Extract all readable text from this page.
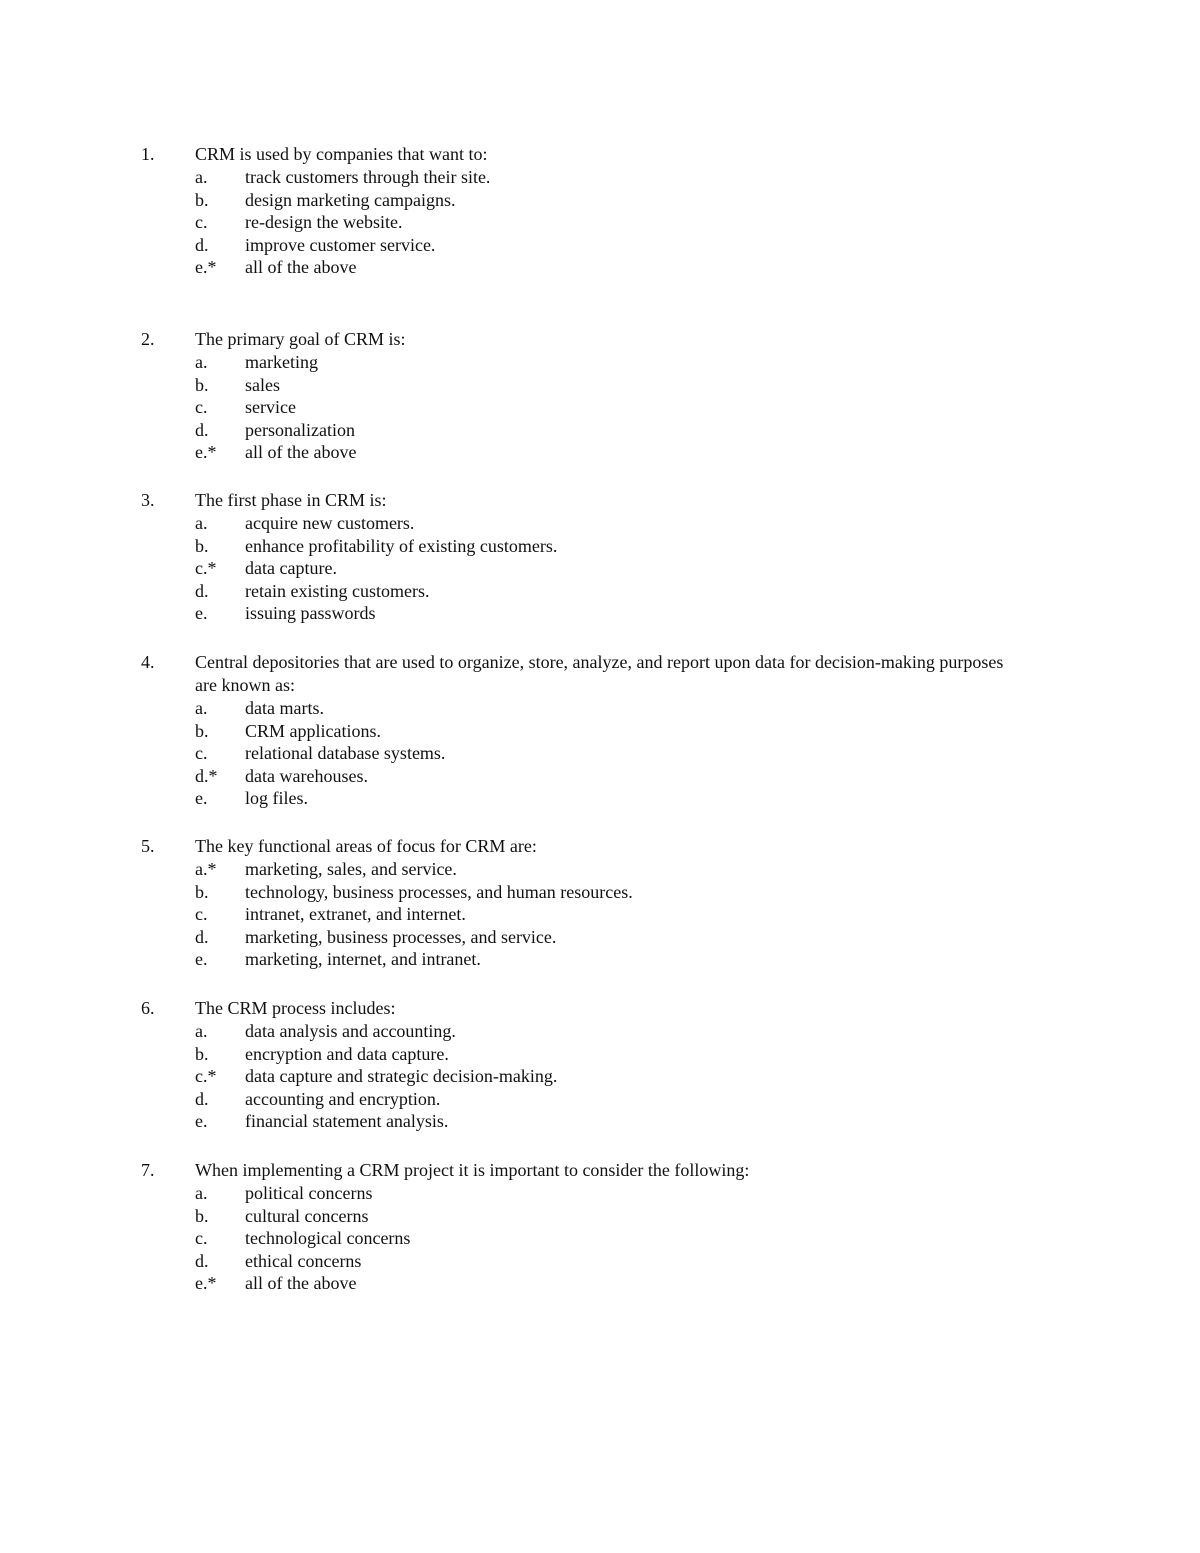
1. CRM is used by companies that want to:
a. track customers through their site.
b. design marketing campaigns.
c. re-design the website.
d. improve customer service.
e.* all of the above
2. The primary goal of CRM is:
a. marketing
b. sales
c. service
d. personalization
e.* all of the above
3. The first phase in CRM is:
a. acquire new customers.
b. enhance profitability of existing customers.
c.* data capture.
d. retain existing customers.
e. issuing passwords
4. Central depositories that are used to organize, store, analyze, and report upon data for decision-making purposes are known as:
a. data marts.
b. CRM applications.
c. relational database systems.
d.* data warehouses.
e. log files.
5. The key functional areas of focus for CRM are:
a.* marketing, sales, and service.
b. technology, business processes, and human resources.
c. intranet, extranet, and internet.
d. marketing, business processes, and service.
e. marketing, internet, and intranet.
6. The CRM process includes:
a. data analysis and accounting.
b. encryption and data capture.
c.* data capture and strategic decision-making.
d. accounting and encryption.
e. financial statement analysis.
7. When implementing a CRM project it is important to consider the following:
a. political concerns
b. cultural concerns
c. technological concerns
d. ethical concerns
e.* all of the above
